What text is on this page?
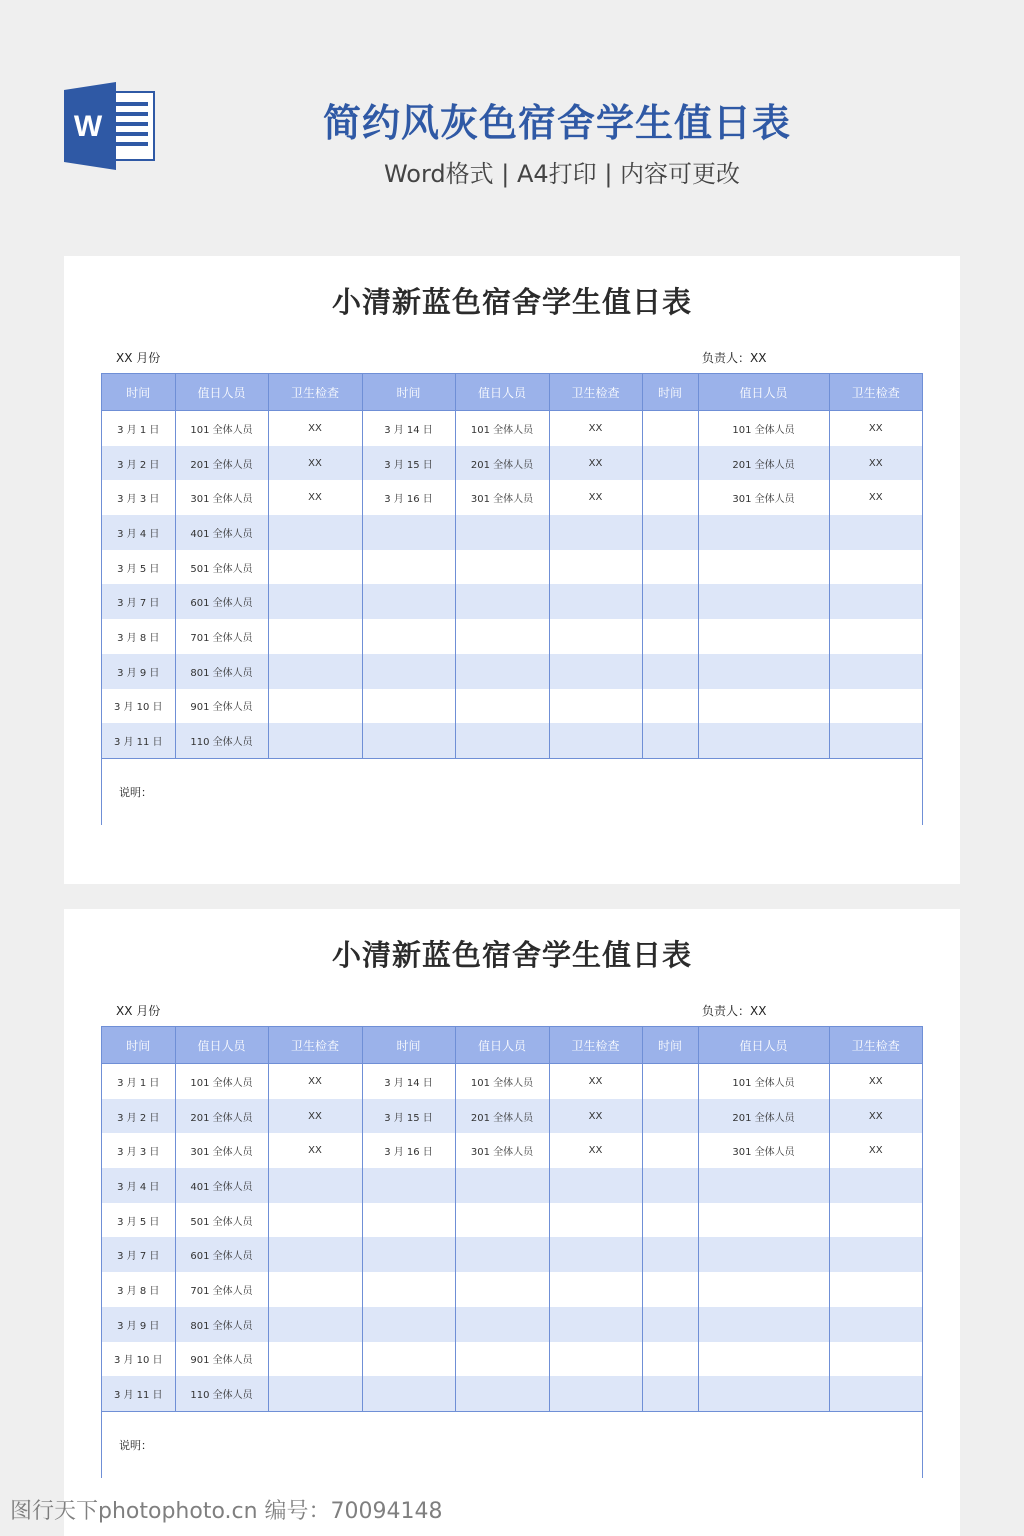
W	简约风灰色宿舍学生值日表
Word格式 | A4打印 | 内容可更改
小清新蓝色宿舍学生值日表
XX 月份	负责人：XX
时间	值日人员	卫生检查	时间	值日人员	卫生检查	时间	值日人员	卫生检查
3 月 1 日	101 全体人员	XX	3 月 14 日	101 全体人员	XX		101 全体人员	XX
3 月 2 日	201 全体人员	XX	3 月 15 日	201 全体人员	XX		201 全体人员	XX
3 月 3 日	301 全体人员	XX	3 月 16 日	301 全体人员	XX		301 全体人员	XX
3 月 4 日	401 全体人员							
3 月 5 日	501 全体人员							
3 月 7 日	601 全体人员							
3 月 8 日	701 全体人员							
3 月 9 日	801 全体人员							
3 月 10 日	901 全体人员							
3 月 11 日	110 全体人员							
说明：								
小清新蓝色宿舍学生值日表
XX 月份	负责人：XX
时间	值日人员	卫生检查	时间	值日人员	卫生检查	时间	值日人员	卫生检查
3 月 1 日	101 全体人员	XX	3 月 14 日	101 全体人员	XX		101 全体人员	XX
3 月 2 日	201 全体人员	XX	3 月 15 日	201 全体人员	XX		201 全体人员	XX
3 月 3 日	301 全体人员	XX	3 月 16 日	301 全体人员	XX		301 全体人员	XX
3 月 4 日	401 全体人员							
3 月 5 日	501 全体人员							
3 月 7 日	601 全体人员							
3 月 8 日	701 全体人员							
3 月 9 日	801 全体人员							
3 月 10 日	901 全体人员							
3 月 11 日	110 全体人员							
说明：								
图行天下photophoto.cn 编号：70094148
